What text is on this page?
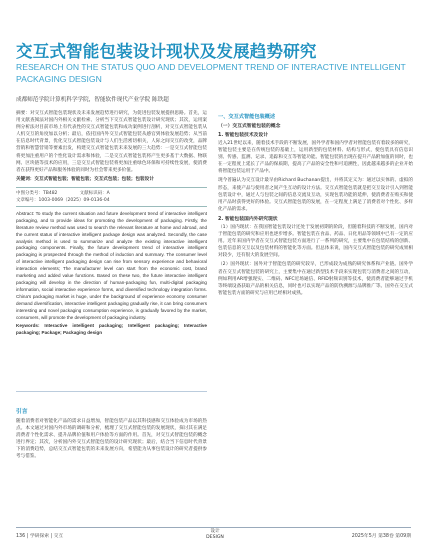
交互式智能包装设计现状及发展趋势研究
RESEARCH ON THE STATUS QUO AND DEVELOPMENT TREND OF INTERACTIVE INTELLIGENT PACKAGING DESIGN
成都师范学院计算机科学学院，智能软件现代产业学院 陈铁超

摘要：对交互式智能包装现状及未来发展趋势进行研究，为促进包装发展提供思路。首先，运用文献查阅法对国内外相关文献检索、分析当下交互式智能包装设计研究现状；其次，运用案例分析法对目前市场上有代表性的交互式智能包装和成功案例进行剖析，对交互式智能包装从人机交互的角度加以分析；最后，依托国内外交互式智能包装从感官到体验发展趋势；从当前在信息时代背景，优化交互式智能包装设计与人们生活密切相关，人际之间交互的改变，品牌营销和智慧营销等要素出发，构建交互式智能包装未来发展的三大趋势：一是交互式智能包装将更加注重用户的个性化设计需求和体验，二是交互式智能包装将产生更多基于大数据、物联网、区块链等技术的应用，三是交互式智能包装将更加注重绿色环保和可持续性发展，使消费者在获得更好产品和服务体验的同时为社会带来更多价值。

关键词：交互式智能包装；智能包装；交互式包装；包装；包装设计

中图分类号：TB482	文献标识码：A
文章编号：1003-0069（2025）09-0136-04

Abstract: To study the current situation and future development trend of interactive intelligent packaging, and to provide ideas for promoting the development of packaging. Firstly, the literature review method was used to search the relevant literature at home and abroad, and the current status of interactive intelligent package design was analyzed. Secondly, the case analysis method is used to summarize and analyze the existing interactive intelligent packaging components. Finally, the future development trend of interactive intelligent packaging is prospected through the method of induction and summary. The consumer level of interactive intelligent packaging design can rise from sensory experience and behavioral interaction elements; The manufacturer level can start from the economic cost, brand marketing and added value functions. Based on these two, the future interactive intelligent packaging will develop in the direction of human-packaging fun, multi-digital packaging information, social interactive experience forms, and diversified technology integration forms. China's packaging market is huge, under the background of experience economy consumer demand diversification, interactive intelligent packaging gradually rise, it can bring consumers interesting and novel packaging consumption experience, is gradually favored by the market, consumers, will promote the development of packaging industry.

Keywords: Interactive intelligent packaging; Intelligent packaging; Interactive packaging; Package; Packaging design

引言

随着消费者对智能化产品的需求日益增加，智能包装产品以其科技感和交互体验成为市场的热点。本文通过对国内外市场的调研和分析，梳理了交互式智能包装的发展现状，探讨其在满足消费者个性化需求、提升品牌价值和用户体验等方面的作用。首先，对交互式智能包装的概念进行界定；其次，分析国内外交互式智能包装的设计研究现状；最后，结合当下信息时代背景下的消费趋势，总结交互式智能包装的未来发展方向，希望能为从事包装设计的研究者提供参考与借鉴。

一、交互式智能包装概述
（一）交互式智能包装的概念
1. 智能包装技术及设计

近入21世纪以来，随着技术手段的不断发展，国外学者和国内学者对智能包装有着较多的研究，智能包装主要是在传统包装的基础上，运用新型的包装材料、结构与形式，使包装具有信息识别、传感、监测、记录、追踪和交互等智能功能。智能包装的出现在提升产品附加值的同时，也在一定程度上延长了产品的保质期，提高了产品的安全性和可追溯性，因此越来越多的企业开始将智能包装运用于产品中。

现今普遍认为交互设计最早由Richard Buchanan提出，并将其定义为：通过以实体的、虚拟的形态，来使产品与使用者之间产生互动的设计方法。交互式智能包装就是把交互设计引入到智能包装设计中，通过人与包装之间的信息交流及互动，实现包装功能的延伸，使消费者在购买和使用产品时获得更好的体验。交互式智能包装的发展，在一定程度上满足了消费者对个性化、多样化产品的需求。

2. 智能包装国内外研究现状

（1）国内现状：在我国智能包装设计还处于发展初期的阶段，但随着科技的不断发展，国内对于智能包装的研究和应用也逐步增多。智能包装在食品、药品、日化用品等领域中已有一定的应用。近年来国内学者在交互式智能包装方面进行了一系列的研究，主要集中在包装结构的创新、包装信息的交互以及包装材料的智能化等方面。但总体来说，国内交互式智能包装的研究成果相对较少，还有很大的发展空间。

（2）国外现状：国外对于智能包装的研究较早，已形成较为成熟的研究体系和产业链。国外学者在交互式智能包装的研究上，主要集中在通过新型技术手段来实现包装与消费者之间的互动，例如利用AR增强现实、二维码、NFC近场通信、RFID射频识别等技术，使消费者能够通过手机等终端设备获取产品的相关信息，同时也可以实现产品的防伪溯源与品牌推广等。国外在交互式智能包装方面的研究与应用已经相对成熟。

136 | 学研探索 | 交互
设计
DESIGN	2025年5月 第38卷 第09期
